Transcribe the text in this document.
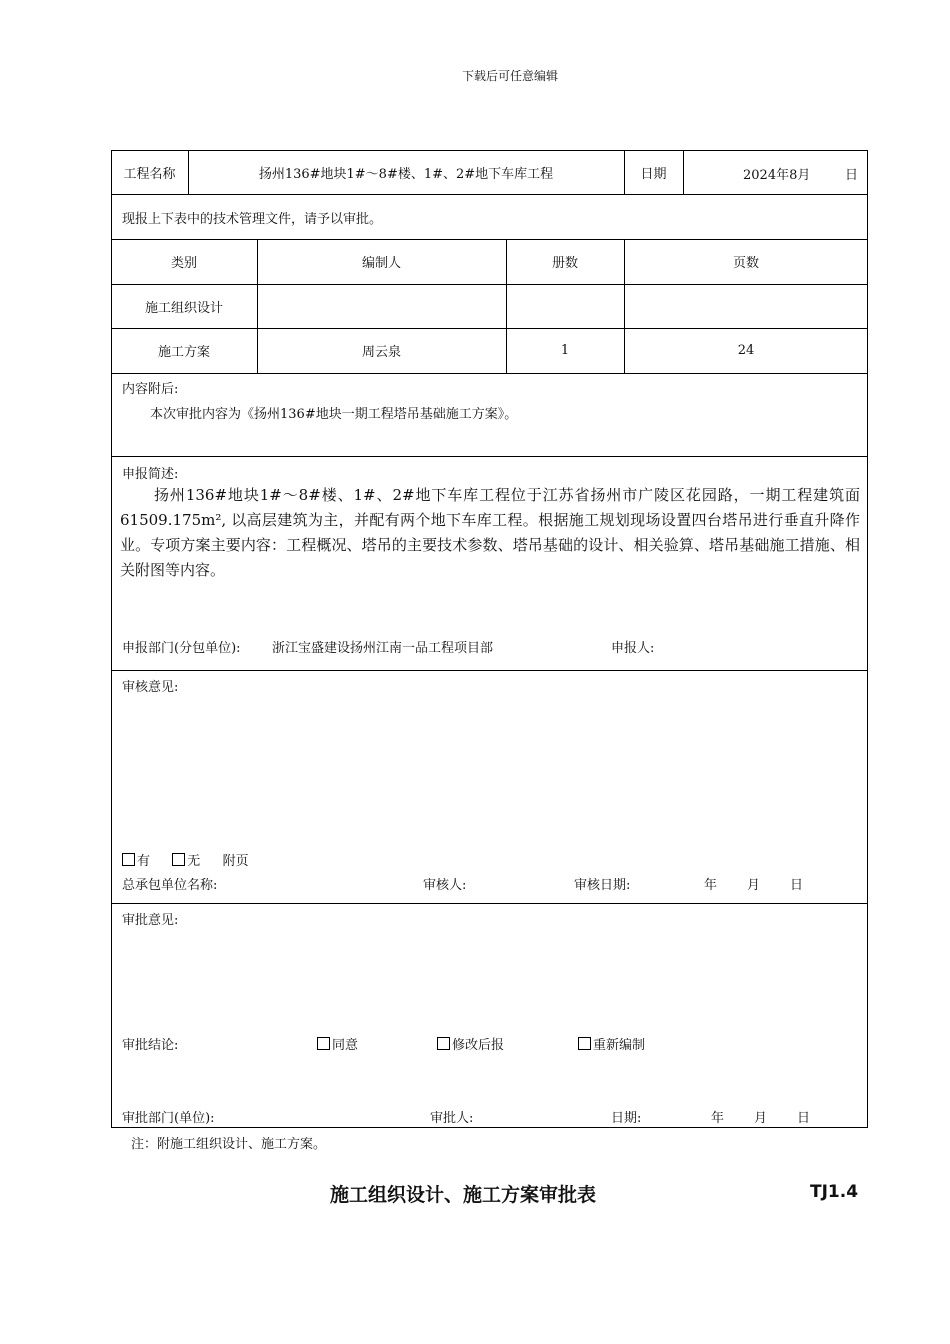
下载后可任意编辑
工程名称	扬州136#地块1#～8#楼、1#、2#地下车库工程	日期	2024年8月	日
现报上下表中的技术管理文件，请予以审批。
类别	编制人	册数	页数
施工组织设计
施工方案	周云泉	1	24
内容附后:
本次审批内容为《扬州136#地块一期工程塔吊基础施工方案》。
申报简述:
扬州136#地块1#～8#楼、1#、2#地下车库工程位于江苏省扬州市广陵区花园路，一期工程建筑面61509.175m², 以高层建筑为主，并配有两个地下车库工程。根据施工规划现场设置四台塔吊进行垂直升降作业。专项方案主要内容：工程概况、塔吊的主要技术参数、塔吊基础的设计、相关验算、塔吊基础施工措施、相关附图等内容。
申报部门(分包单位): 浙江宝盛建设扬州江南一品工程项目部	申报人:
审核意见:
有	无 附页
总承包单位名称:	审核人:	审核日期:	年 月 日
审批意见:
审批结论:	同意	修改后报	重新编制
审批部门(单位):	审批人:	日期:	年 月 日
注：附施工组织设计、施工方案。
施工组织设计、施工方案审批表	TJ1.4
